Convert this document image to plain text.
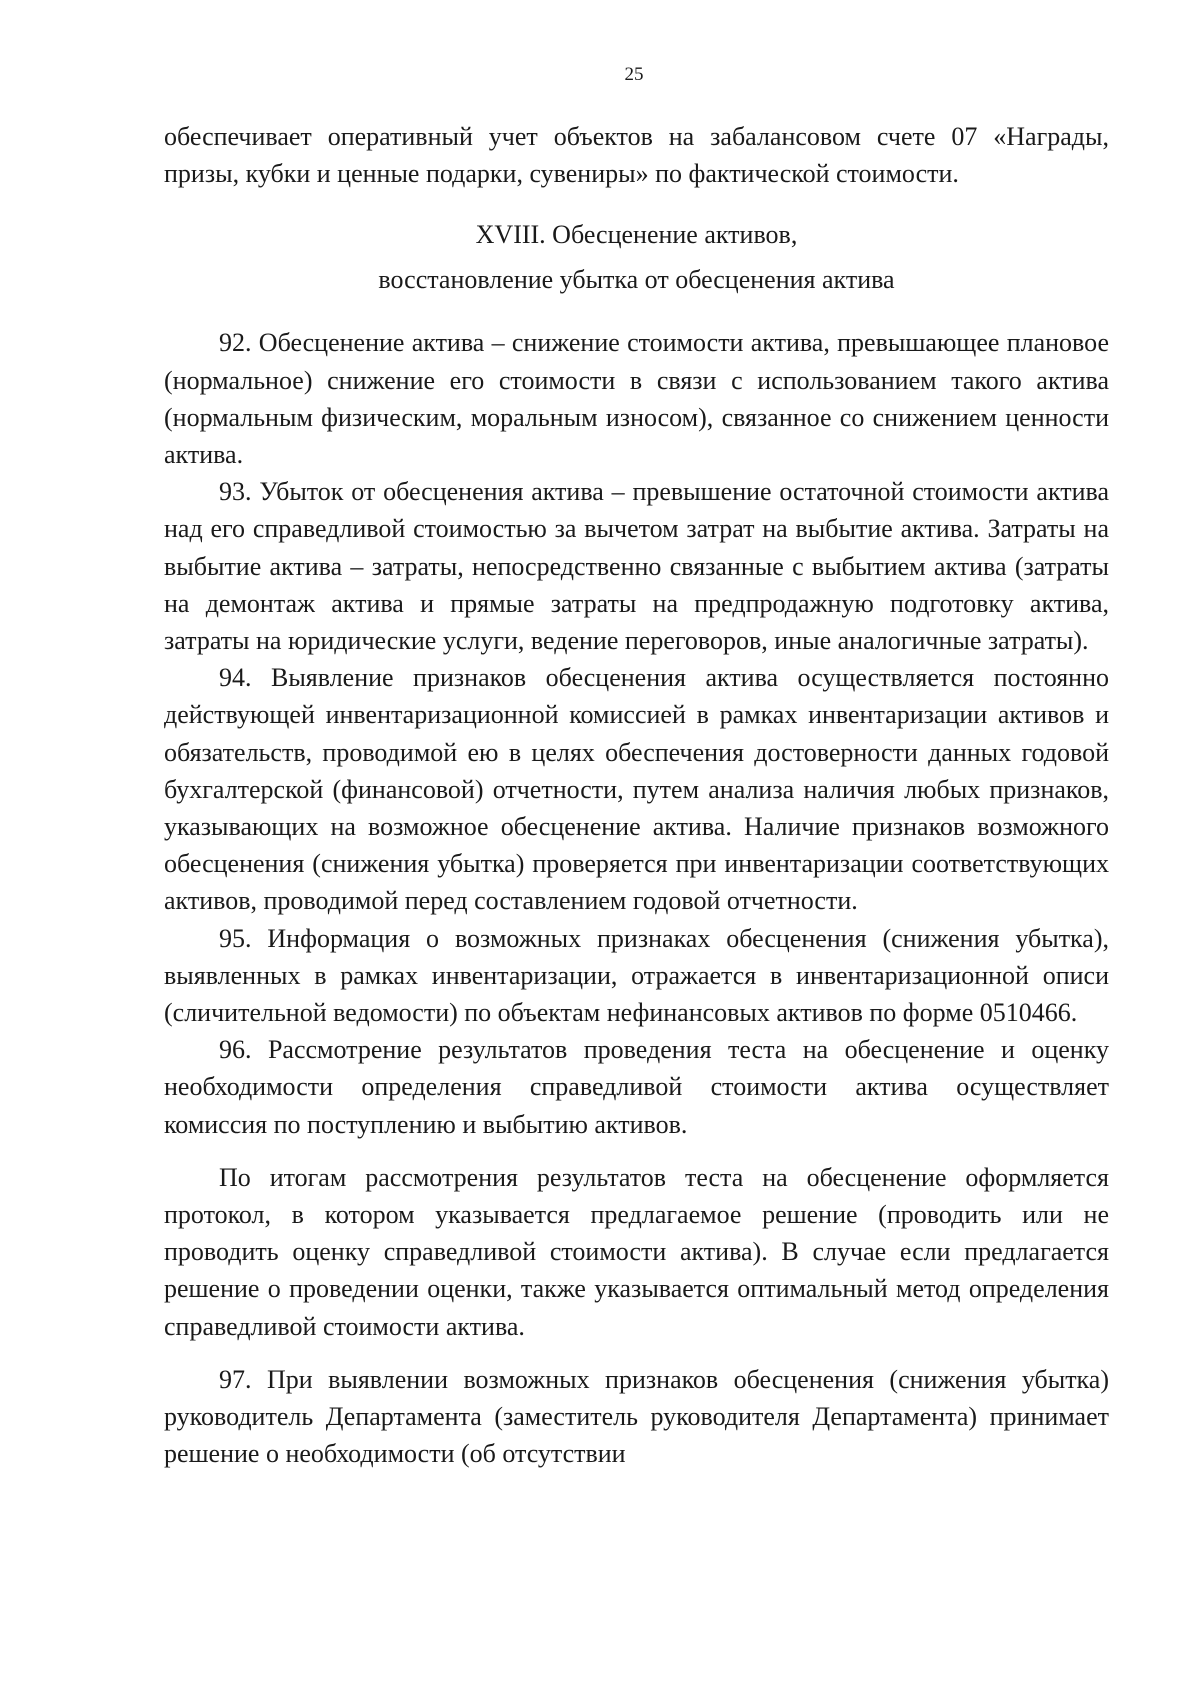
25

обеспечивает оперативный учет объектов на забалансовом счете 07 «Награды, призы, кубки и ценные подарки, сувениры» по фактической стоимости.

XVIII. Обесценение активов,

восстановление убытка от обесценения актива

92. Обесценение актива – снижение стоимости актива, превышающее плановое (нормальное) снижение его стоимости в связи с использованием такого актива (нормальным физическим, моральным износом), связанное со снижением ценности актива.

93. Убыток от обесценения актива – превышение остаточной стоимости актива над его справедливой стоимостью за вычетом затрат на выбытие актива. Затраты на выбытие актива – затраты, непосредственно связанные с выбытием актива (затраты на демонтаж актива и прямые затраты на предпродажную подготовку актива, затраты на юридические услуги, ведение переговоров, иные аналогичные затраты).

94. Выявление признаков обесценения актива осуществляется постоянно действующей инвентаризационной комиссией в рамках инвентаризации активов и обязательств, проводимой ею в целях обеспечения достоверности данных годовой бухгалтерской (финансовой) отчетности, путем анализа наличия любых признаков, указывающих на возможное обесценение актива. Наличие признаков возможного обесценения (снижения убытка) проверяется при инвентаризации соответствующих активов, проводимой перед составлением годовой отчетности.

95. Информация о возможных признаках обесценения (снижения убытка), выявленных в рамках инвентаризации, отражается в инвентаризационной описи (сличительной ведомости) по объектам нефинансовых активов по форме 0510466.

96. Рассмотрение результатов проведения теста на обесценение и оценку необходимости определения справедливой стоимости актива осуществляет комиссия по поступлению и выбытию активов.

По итогам рассмотрения результатов теста на обесценение оформляется протокол, в котором указывается предлагаемое решение (проводить или не проводить оценку справедливой стоимости актива). В случае если предлагается решение о проведении оценки, также указывается оптимальный метод определения справедливой стоимости актива.

97. При выявлении возможных признаков обесценения (снижения убытка) руководитель Департамента (заместитель руководителя Департамента) принимает решение о необходимости (об отсутствии
